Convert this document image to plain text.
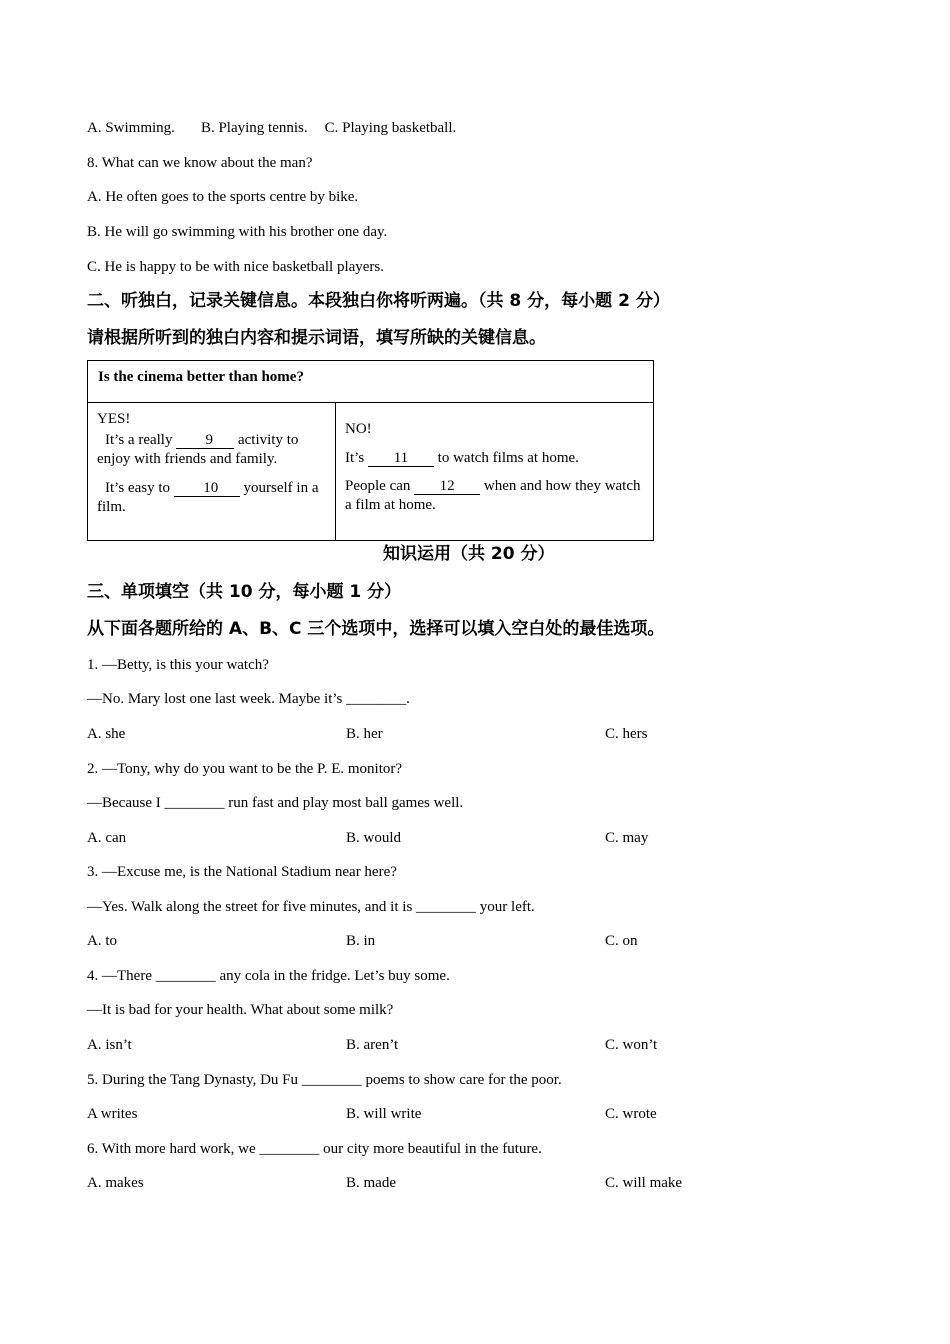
A. Swimming. B. Playing tennis. C. Playing basketball.
8. What can we know about the man?
A. He often goes to the sports centre by bike.
B. He will go swimming with his brother one day.
C. He is happy to be with nice basketball players.
二、听独白，记录关键信息。本段独白你将听两遍。（共 8 分，每小题 2 分）
请根据所听到的独白内容和提示词语，填写所缺的关键信息。
Is the cinema better than home?

YES!

It’s a really 9 activity to enjoy with friends and family.

It’s easy to 10 yourself in a film.

NO!

It’s 11 to watch films at home.

People can 12 when and how they watch a film at home.

知识运用（共 20 分）
三、单项填空（共 10 分，每小题 1 分）
从下面各题所给的 A、B、C 三个选项中，选择可以填入空白处的最佳选项。
1. —Betty, is this your watch?
—No. Mary lost one last week. Maybe it’s ________.
A. she	B. her	C. hers
2. —Tony, why do you want to be the P. E. monitor?
—Because I ________ run fast and play most ball games well.
A. can	B. would	C. may
3. —Excuse me, is the National Stadium near here?
—Yes. Walk along the street for five minutes, and it is ________ your left.
A. to	B. in	C. on
4. —There ________ any cola in the fridge. Let’s buy some.
—It is bad for your health. What about some milk?
A. isn’t	B. aren’t	C. won’t
5. During the Tang Dynasty, Du Fu ________ poems to show care for the poor.
A writes	B. will write	C. wrote
6. With more hard work, we ________ our city more beautiful in the future.
A. makes	B. made	C. will make
